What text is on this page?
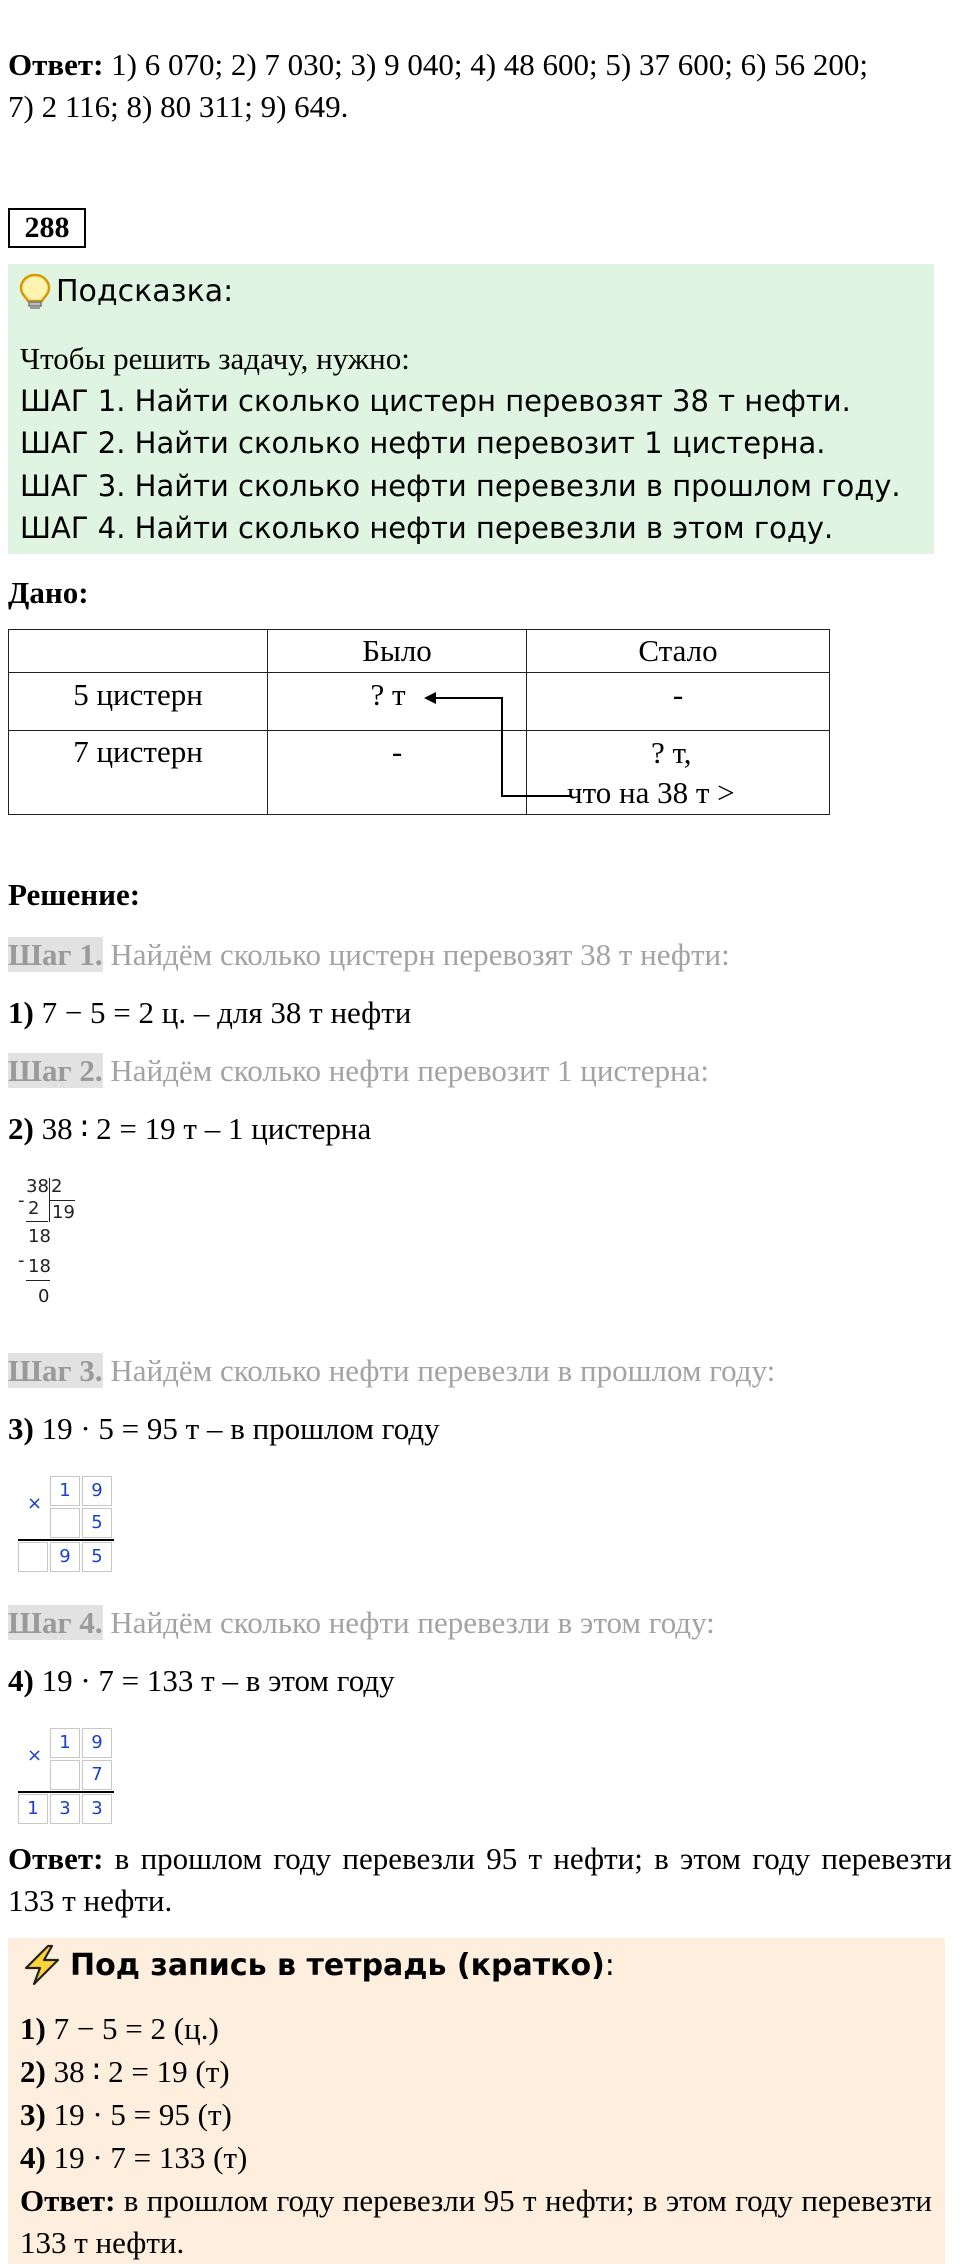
Ответ: 1) 6 070; 2) 7 030; 3) 9 040; 4) 48 600; 5) 37 600; 6) 56 200;
7) 2 116; 8) 80 311; 9) 649.
288
Подсказка:
Чтобы решить задачу, нужно:
ШАГ 1. Найти сколько цистерн перевозят 38 т нефти.
ШАГ 2. Найти сколько нефти перевозит 1 цистерна.
ШАГ 3. Найти сколько нефти перевезли в прошлом году.
ШАГ 4. Найти сколько нефти перевезли в этом году.
Дано:
	Было	Стало
5 цистерн	? т	-
7 цистерн	-	? т,
что на 38 т >
Решение:
Шаг 1. Найдём сколько цистерн перевозят 38 т нефти:
1) 7 − 5 = 2 ц. – для 38 т нефти
Шаг 2. Найдём сколько нефти перевозит 1 цистерна:
2) 38 ∶ 2 = 19 т – 1 цистерна
38 2
19
- 2
18
- 18
0
Шаг 3. Найдём сколько нефти перевезли в прошлом году:
3) 19 · 5 = 95 т – в прошлом году
1	9
5
×
9	5
Шаг 4. Найдём сколько нефти перевезли в этом году:
4) 19 · 7 = 133 т – в этом году
1	9
7
×
1	3	3
Ответ: в прошлом году перевезли 95 т нефти; в этом году перевезти 133 т нефти.
Под запись в тетрадь (кратко):
1) 7 − 5 = 2 (ц.)
2) 38 ∶ 2 = 19 (т)
3) 19 · 5 = 95 (т)
4) 19 · 7 = 133 (т)
Ответ: в прошлом году перевезли 95 т нефти; в этом году перевезти 133 т нефти.
